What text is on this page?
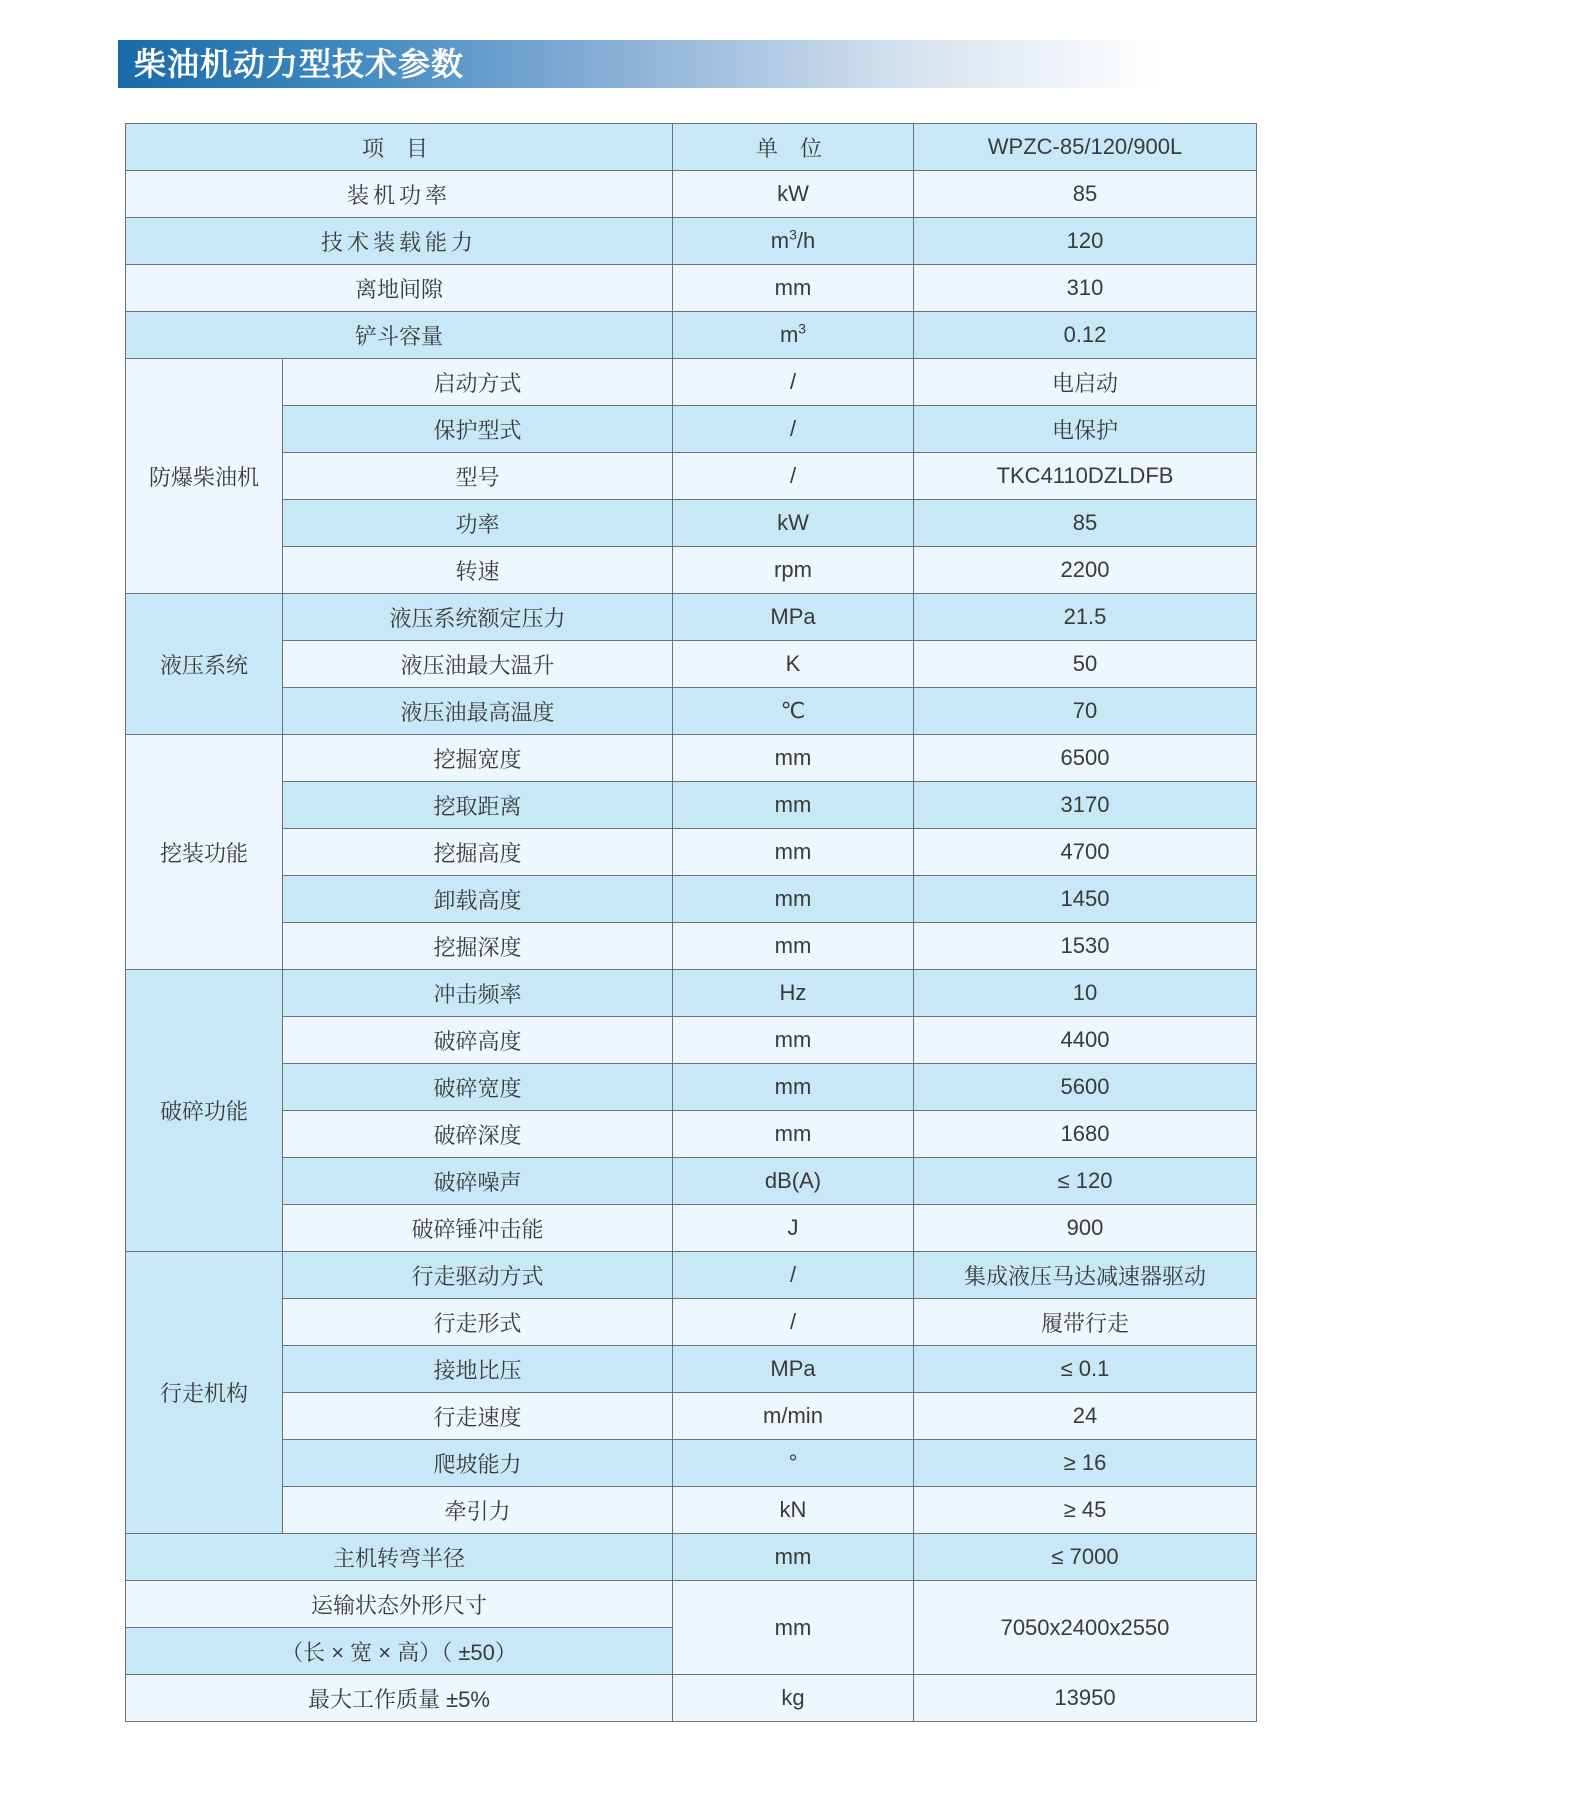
柴油机动力型技术参数
项 目		单 位	WPZC-85/120/900L
装机功率		kW	85
技术装载能力		$m^3/h$	120
离地间隙		mm	310
铲斗容量		$m^3$	0.12
防爆柴油机	启动方式	/	电启动
	保护型式	/	电保护
	型号	/	TKC4110DZLDFB
	功率	kW	85
	转速	rpm	2200
液压系统	液压系统额定压力	MPa	21.5
	液压油最大温升	K	50
	液压油最高温度	℃	70
挖装功能	挖掘宽度	mm	6500
	挖取距离	mm	3170
	挖掘高度	mm	4700
	卸载高度	mm	1450
	挖掘深度	mm	1530
破碎功能	冲击频率	Hz	10
	破碎高度	mm	4400
	破碎宽度	mm	5600
	破碎深度	mm	1680
	破碎噪声	dB(A)	≤ 120
	破碎锤冲击能	J	900
行走机构	行走驱动方式	/	集成液压马达减速器驱动
	行走形式	/	履带行走
	接地比压	MPa	≤ 0.1
	行走速度	m/min	24
	爬坡能力	°	≥ 16
	牵引力	kN	≥ 45
主机转弯半径		mm	≤ 7000
运输状态外形尺寸		mm	7050x2400x2550
（长 × 宽 × 高）（ ±50）			
最大工作质量 ±5%		kg	13950
